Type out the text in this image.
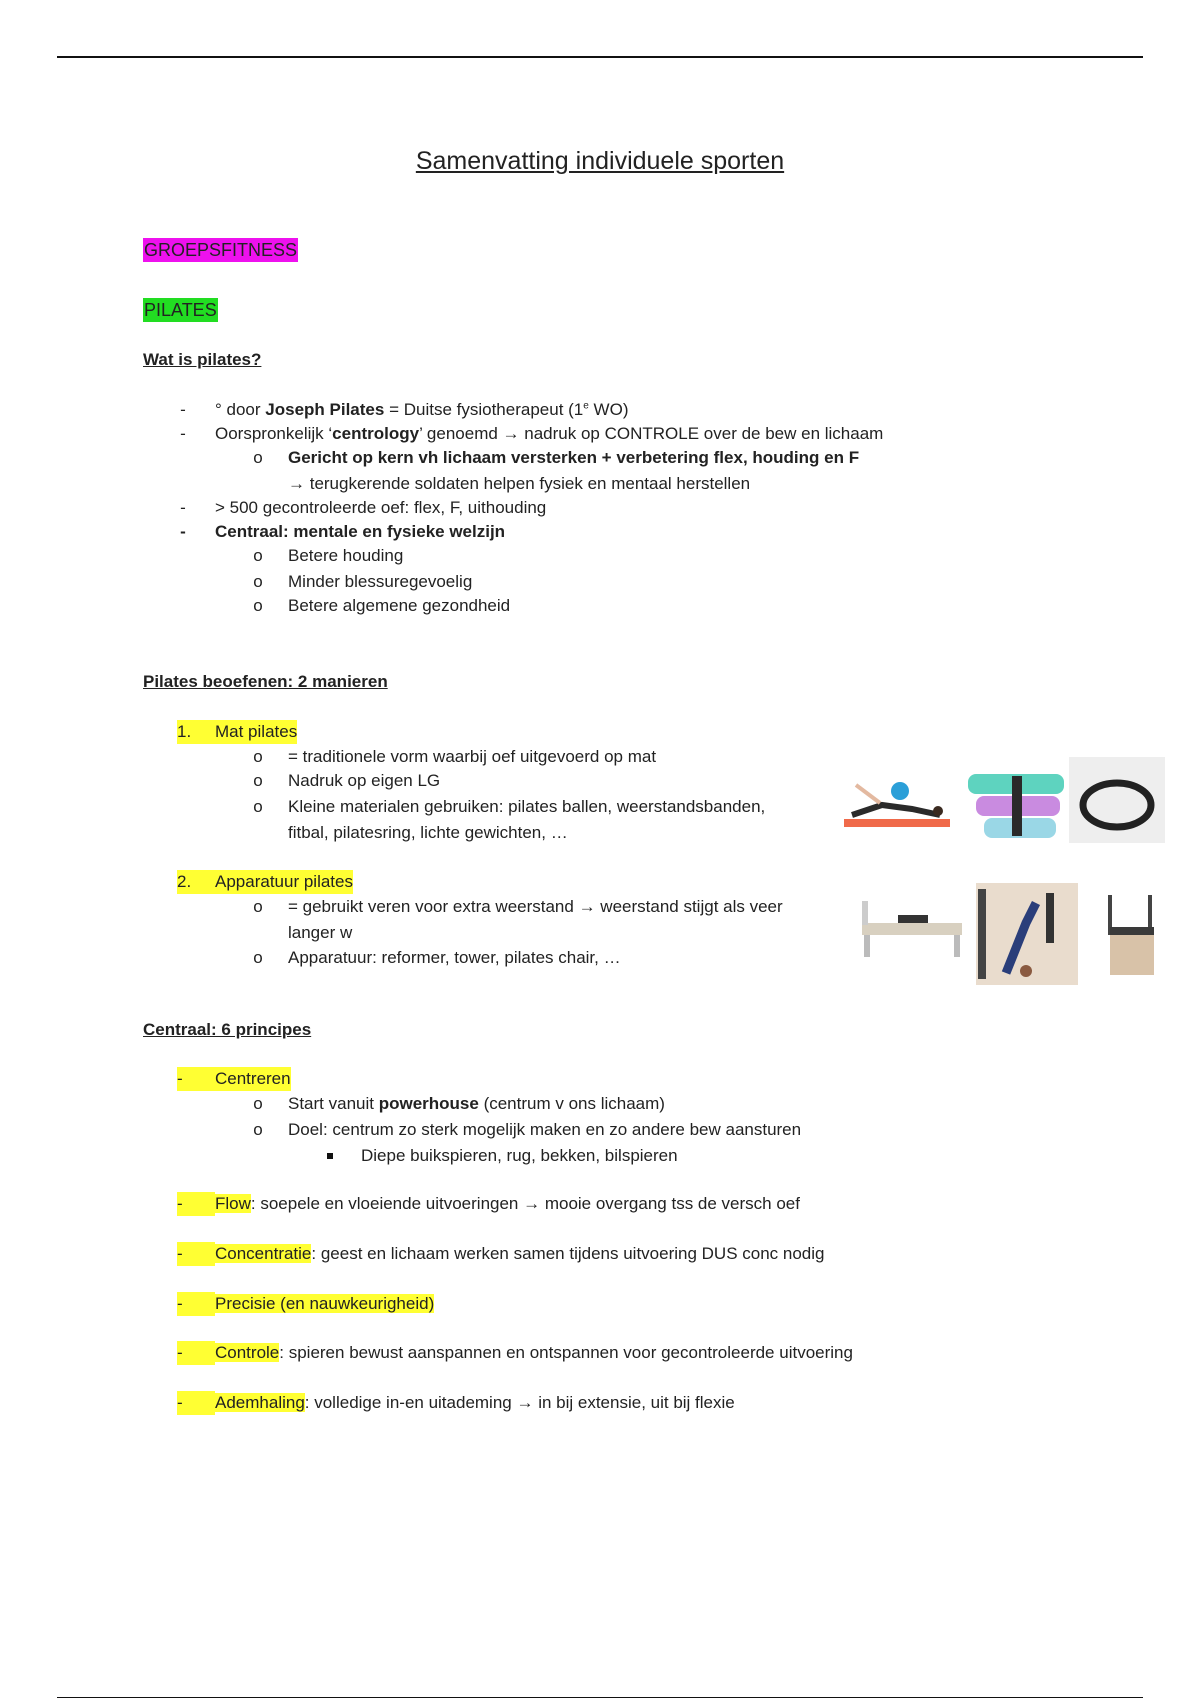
Samenvatting individuele sporten
GROEPSFITNESS
PILATES
Wat is pilates?
- ° door Joseph Pilates = Duitse fysiotherapeut (1e WO)
- Oorspronkelijk ‘centrology’ genoemd → nadruk op CONTROLE over de bew en lichaam
o Gericht op kern vh lichaam versterken + verbetering flex, houding en F
→ terugkerende soldaten helpen fysiek en mentaal herstellen
- > 500 gecontroleerde oef: flex, F, uithouding
- Centraal: mentale en fysieke welzijn
o Betere houding
o Minder blessuregevoelig
o Betere algemene gezondheid
Pilates beoefenen: 2 manieren
1. Mat pilates
o = traditionele vorm waarbij oef uitgevoerd op mat
o Nadruk op eigen LG
o Kleine materialen gebruiken: pilates ballen, weerstandsbanden,
fitbal, pilatesring, lichte gewichten, …
2. Apparatuur pilates
o = gebruikt veren voor extra weerstand → weerstand stijgt als veer
langer w
o Apparatuur: reformer, tower, pilates chair, …
Centraal: 6 principes
- Centreren
o Start vanuit powerhouse (centrum v ons lichaam)
o Doel: centrum zo sterk mogelijk maken en zo andere bew aansturen
Diepe buikspieren, rug, bekken, bilspieren
- Flow: soepele en vloeiende uitvoeringen → mooie overgang tss de versch oef
- Concentratie: geest en lichaam werken samen tijdens uitvoering DUS conc nodig
- Precisie (en nauwkeurigheid)
- Controle: spieren bewust aanspannen en ontspannen voor gecontroleerde uitvoering
- Ademhaling: volledige in-en uitademing → in bij extensie, uit bij flexie
